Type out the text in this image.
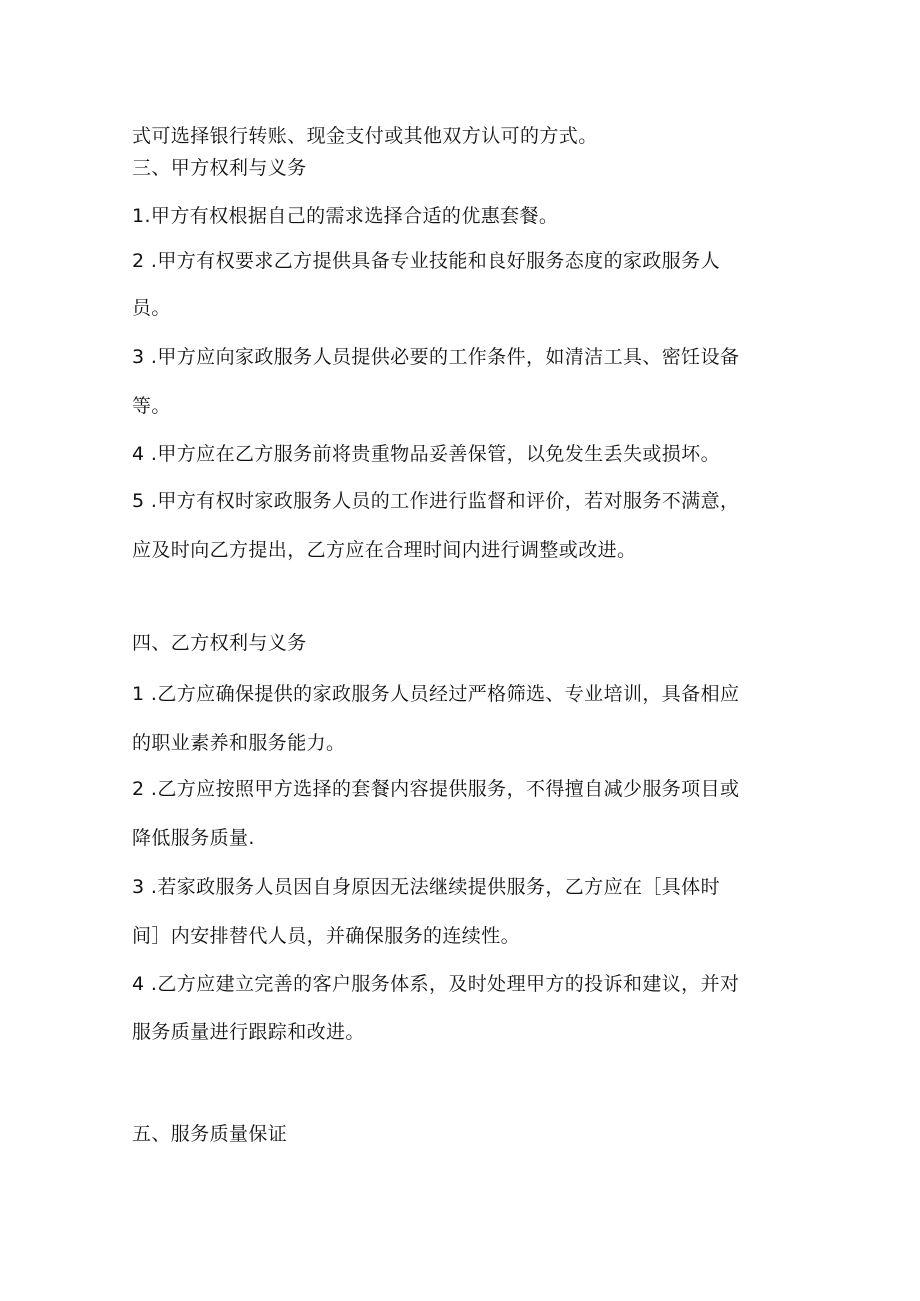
式可选择银行转账、现金支付或其他双方认可的方式。
三、甲方权利与义务
1.甲方有权根据自己的需求选择合适的优惠套餐。
2 .甲方有权要求乙方提供具备专业技能和良好服务态度的家政服务人
员。
3 .甲方应向家政服务人员提供必要的工作条件，如清洁工具、密饪设备
等。
4 .甲方应在乙方服务前将贵重物品妥善保管，以免发生丢失或损坏。
5 .甲方有权时家政服务人员的工作进行监督和评价，若对服务不满意，
应及时向乙方提出，乙方应在合理时间内进行调整或改进。
四、乙方权利与义务
1 .乙方应确保提供的家政服务人员经过严格筛选、专业培训，具备相应
的职业素养和服务能力。
2 .乙方应按照甲方选择的套餐内容提供服务，不得擅自减少服务项目或
降低服务质量.
3 .若家政服务人员因自身原因无法继续提供服务，乙方应在［具体时
间］内安排替代人员，并确保服务的连续性。
4 .乙方应建立完善的客户服务体系，及时处理甲方的投诉和建议，并对
服务质量进行跟踪和改进。
五、服务质量保证
